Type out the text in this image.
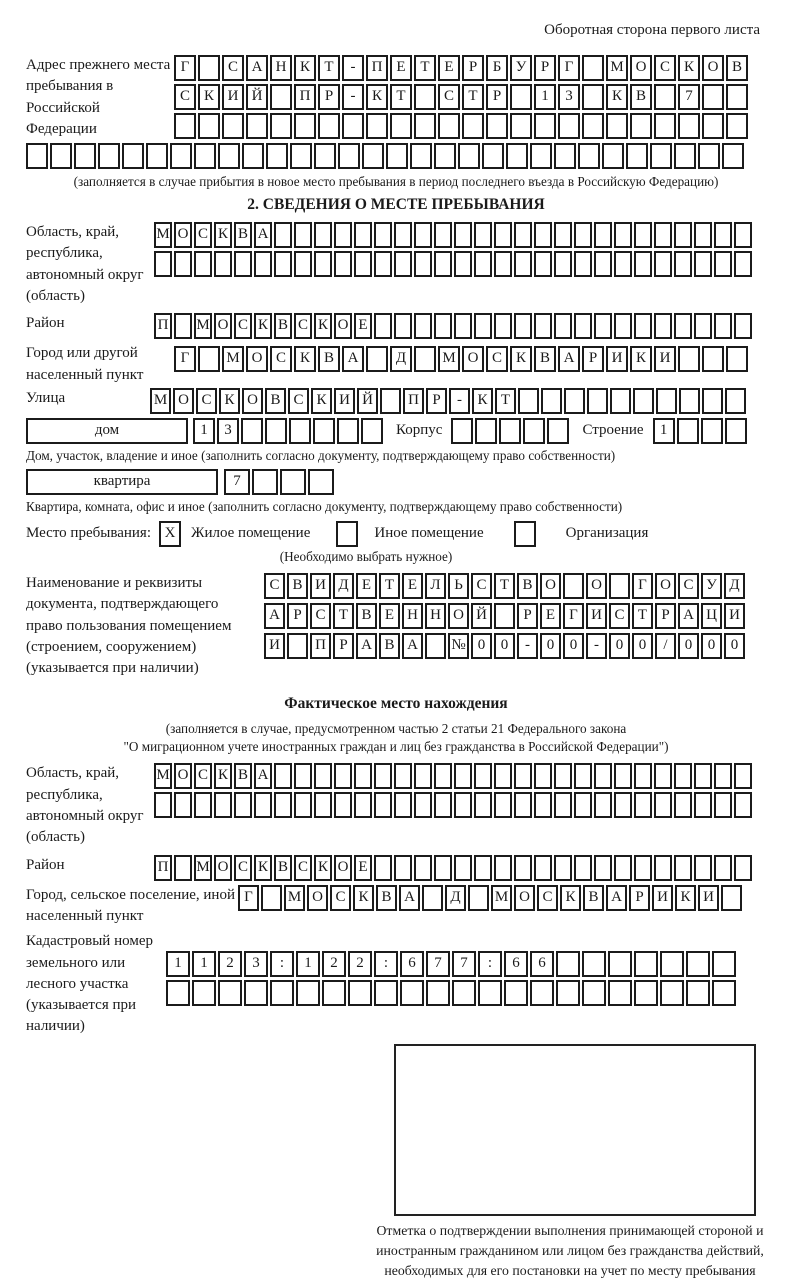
Оборотная сторона первого листа
Адрес прежнего места пребывания в Российской Федерации
Г	С А Н К Т	-	П Е Т Е	Р	Б У Р	Г	М О С К О В
С К И Й	П Р	-	К Т	С Т	Р	1	3	К В	7
(заполняется в случае прибытия в новое место пребывания в период последнего въезда в Российскую Федерацию)
2. СВЕДЕНИЯ О МЕСТЕ ПРЕБЫВАНИЯ
Область, край, республика, автономный округ (область)
М О С К В А
Район	П М О С К В С К О Е
Город или другой населенный пункт
Г	М О С К В А	Д	М О С К В А Р И К И
Улица	М О С К О В С К И Й	П Р	-	К Т
дом	1	3	Корпус	Строение	1
Дом, участок, владение и иное (заполнить согласно документу, подтверждающему право собственности)
квартира	7
Квартира, комната, офис и иное (заполнить согласно документу, подтверждающему право собственности)
Место пребывания: X	Жилое помещение	Иное помещение	Организация
(Необходимо выбрать нужное)
Наименование и реквизиты документа, подтверждающего право пользования помещением (строением, сооружением) (указывается при наличии)
С В И Д Е Т Е Л Ь С Т В О	О	Г О С У Д
А Р С Т В Е Н Н О Й	Р Е Г И С Т Р А Ц И
И	П Р А В А	№ 0	0	-	0	0	-	0	0	/	0	0	0
Фактическое место нахождения
(заполняется в случае, предусмотренном частью 2 статьи 21 Федерального закона
"О миграционном учете иностранных граждан и лиц без гражданства в Российской Федерации")
Область, край, республика, автономный округ (область)
М О С К В А
Район	П М О С К В С К О Е
Город, сельское поселение, иной населенный пункт
Г	М О С К В А	Д	М О С К В А Р И К И
Кадастровый номер земельного или лесного участка (указывается при наличии)
1	1	2	3	:	1	2	2	:	6	7	7	:	6	6
Отметка о подтверждении выполнения принимающей стороной и иностранным гражданином или лицом без гражданства действий, необходимых для его постановки на учет по месту пребывания
